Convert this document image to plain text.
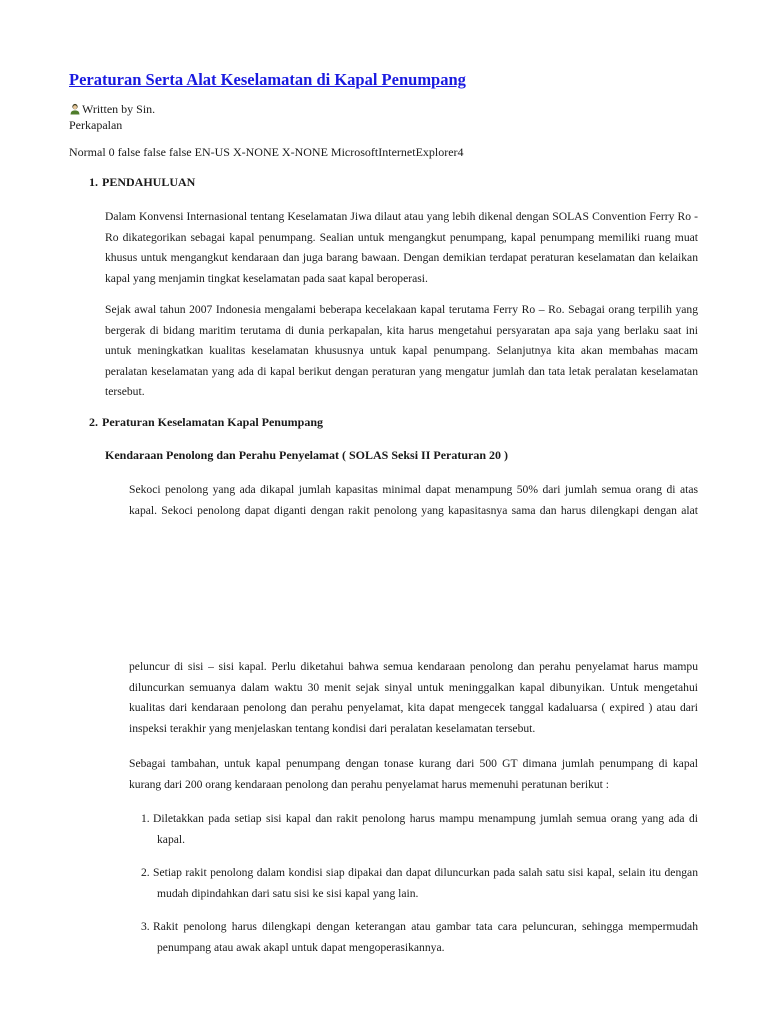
Peraturan Serta Alat Keselamatan di Kapal Penumpang
Written by Sin.
Perkapalan
Normal 0 false false false EN-US X-NONE X-NONE MicrosoftInternetExplorer4
1. PENDAHULUAN
Dalam Konvensi Internasional tentang Keselamatan Jiwa dilaut atau yang lebih dikenal dengan SOLAS Convention Ferry Ro -
Ro dikategorikan sebagai kapal penumpang. Sealian untuk mengangkut penumpang, kapal penumpang memiliki ruang muat
khusus untuk mengangkut kendaraan dan juga barang bawaan. Dengan demikian terdapat peraturan keselamatan dan kelaikan
kapal yang menjamin tingkat keselamatan pada saat kapal beroperasi.
Sejak awal tahun 2007 Indonesia mengalami beberapa kecelakaan kapal terutama Ferry Ro – Ro. Sebagai orang terpilih yang
bergerak di bidang maritim terutama di dunia perkapalan, kita harus mengetahui persyaratan apa saja yang berlaku saat ini
untuk meningkatkan kualitas keselamatan khususnya untuk kapal penumpang. Selanjutnya kita akan membahas macam
peralatan keselamatan yang ada di kapal berikut dengan peraturan yang mengatur jumlah dan tata letak peralatan keselamatan
tersebut.
2. Peraturan Keselamatan Kapal Penumpang
Kendaraan Penolong dan Perahu Penyelamat ( SOLAS Seksi II Peraturan 20 )
Sekoci penolong yang ada dikapal jumlah kapasitas minimal dapat menampung 50% dari jumlah semua orang di atas
kapal. Sekoci penolong dapat diganti dengan rakit penolong yang kapasitasnya sama dan harus dilengkapi dengan alat
peluncur di sisi – sisi kapal. Perlu diketahui bahwa semua kendaraan penolong dan perahu penyelamat harus mampu
diluncurkan semuanya dalam waktu 30 menit sejak sinyal untuk meninggalkan kapal dibunyikan. Untuk mengetahui
kualitas dari kendaraan penolong dan perahu penyelamat, kita dapat mengecek tanggal kadaluarsa ( expired ) atau dari
inspeksi terakhir yang menjelaskan tentang kondisi dari peralatan keselamatan tersebut.
Sebagai tambahan, untuk kapal penumpang dengan tonase kurang dari 500 GT dimana jumlah penumpang di kapal
kurang dari 200 orang kendaraan penolong dan perahu penyelamat harus memenuhi peratunan berikut :
1. Diletakkan pada setiap sisi kapal dan rakit penolong harus mampu menampung jumlah semua orang yang ada di
kapal.
2. Setiap rakit penolong dalam kondisi siap dipakai dan dapat diluncurkan pada salah satu sisi kapal, selain itu dengan
mudah dipindahkan dari satu sisi ke sisi kapal yang lain.
3. Rakit penolong harus dilengkapi dengan keterangan atau gambar tata cara peluncuran, sehingga mempermudah
penumpang atau awak akapl untuk dapat mengoperasikannya.
